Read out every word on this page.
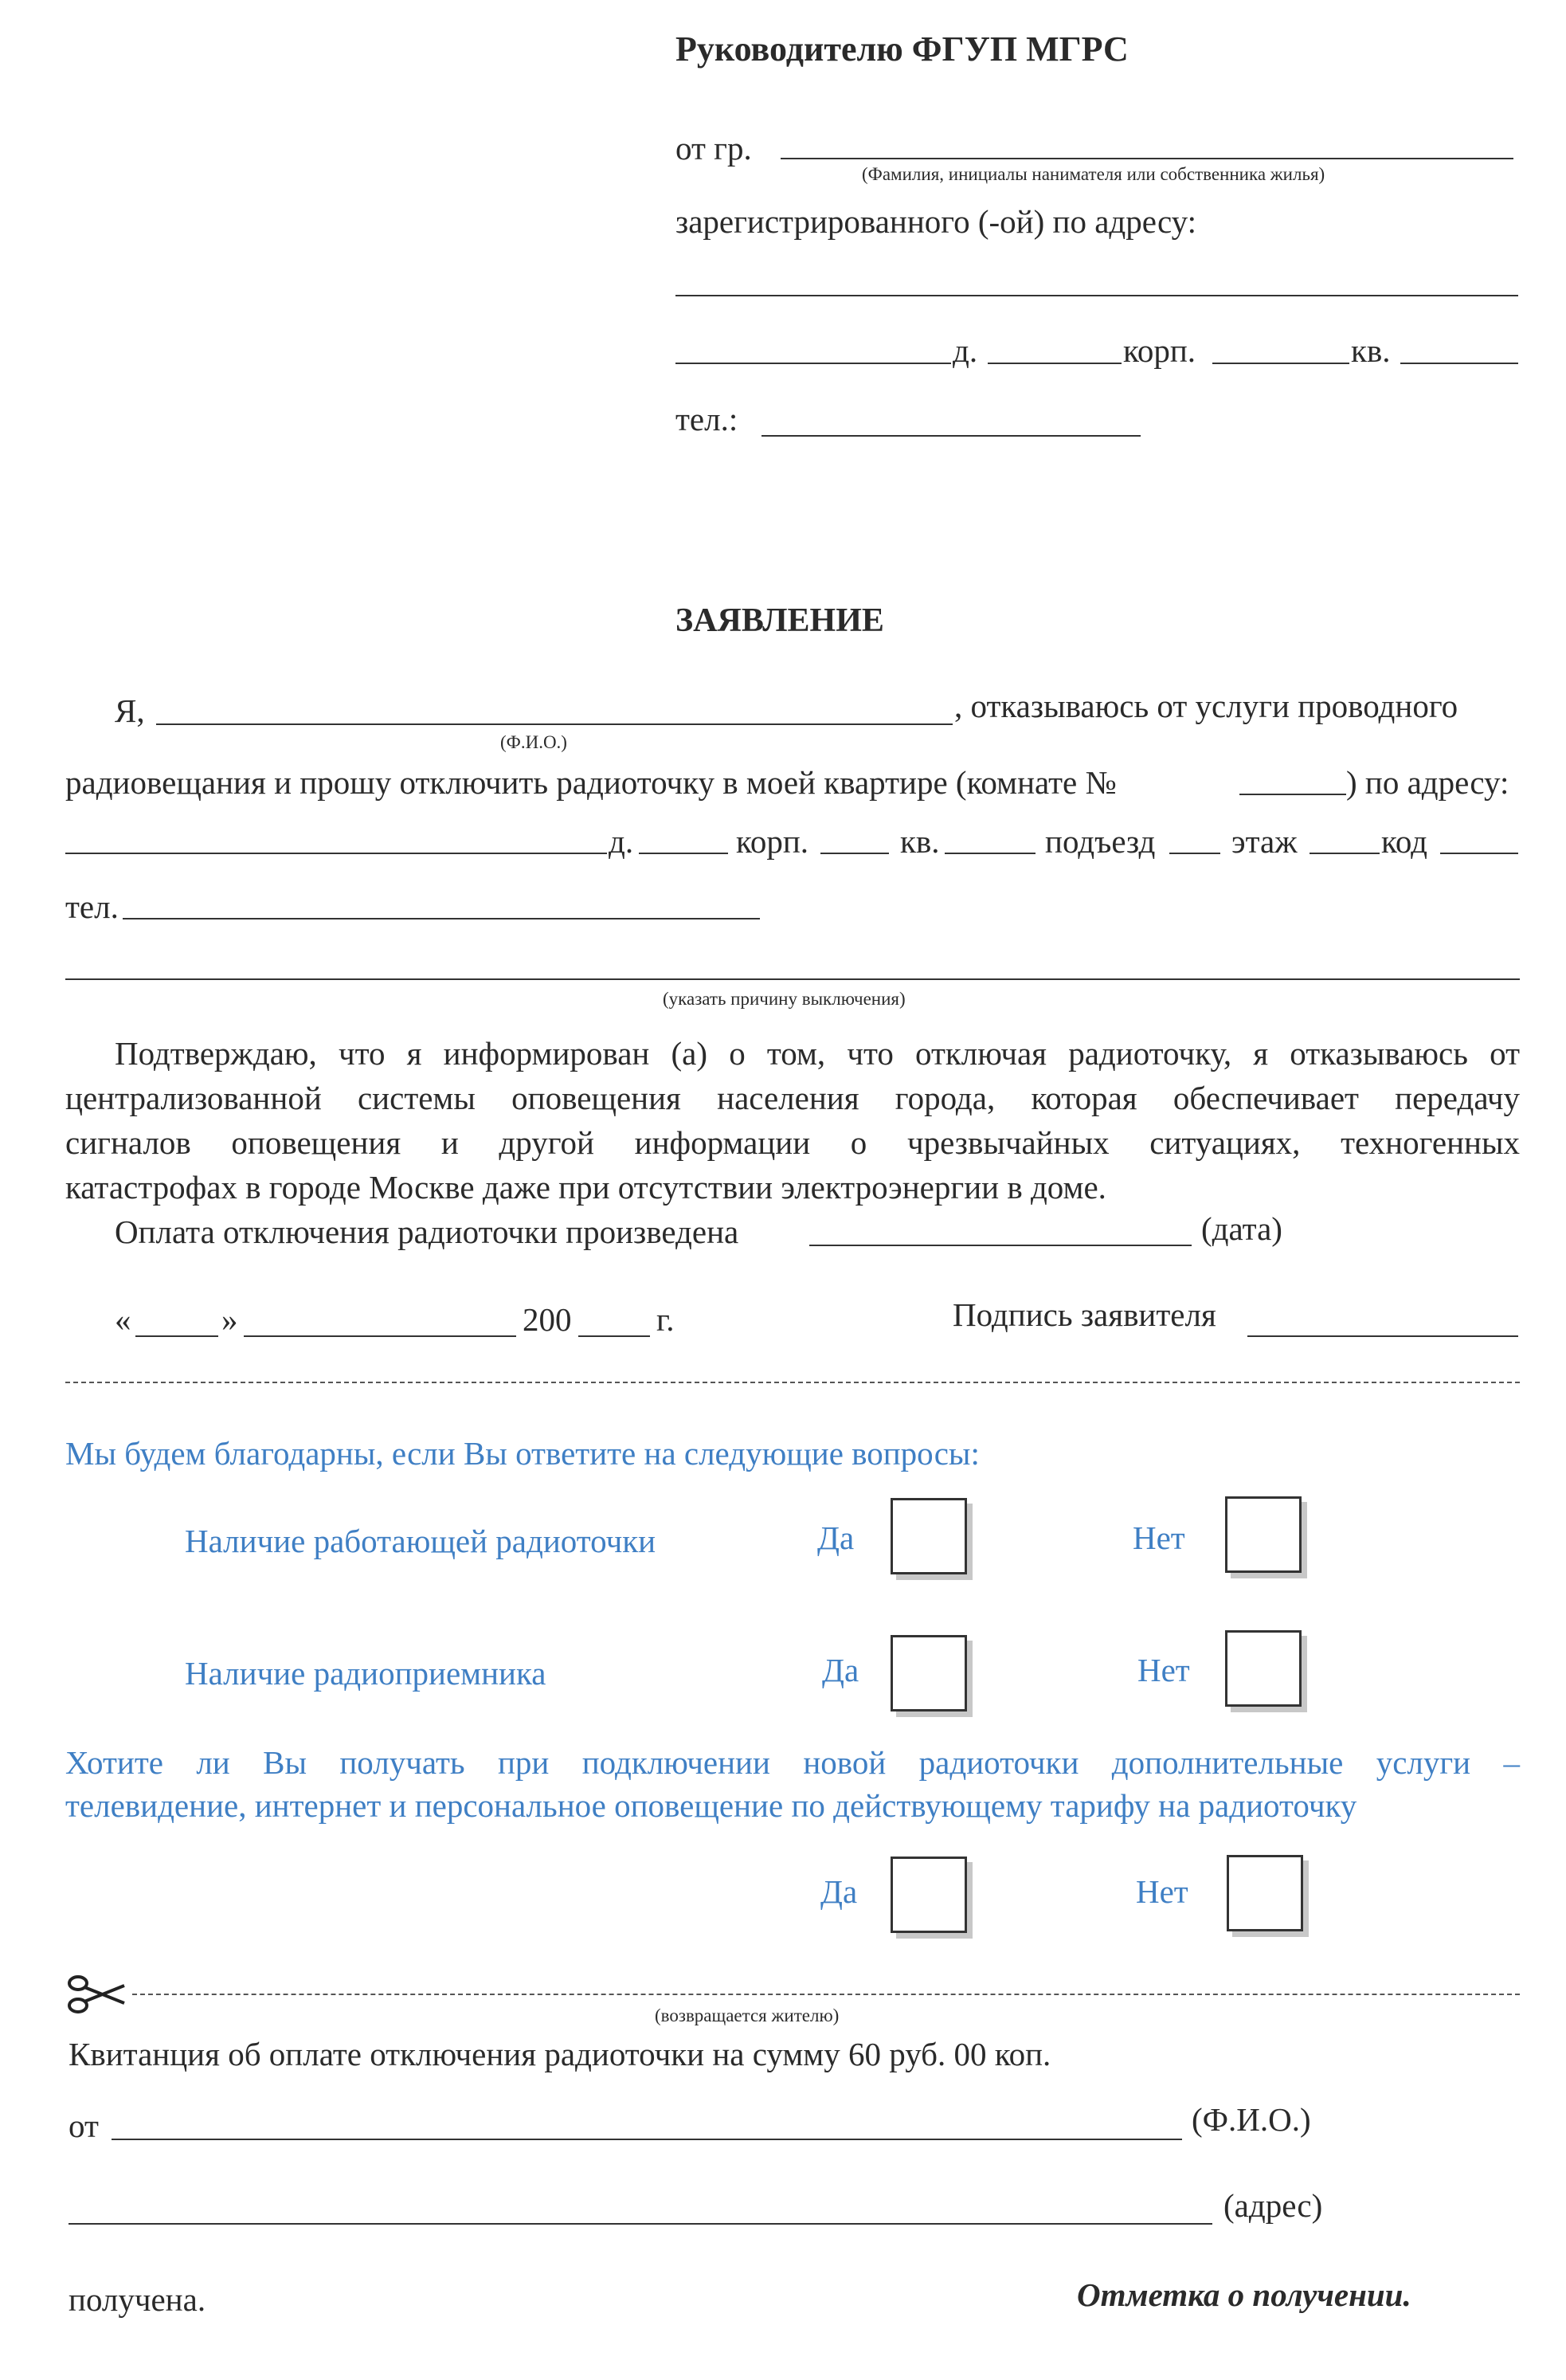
Руководителю ФГУП МГРС
от гр.
(Фамилия, инициалы нанимателя или собственника жилья)
зарегистрированного (-ой) по адресу:
д.	корп.	кв.
тел.:
ЗАЯВЛЕНИЕ
Я,	, отказываюсь от услуги проводного
(Ф.И.О.)
радиовещания и прошу отключить радиоточку в моей квартире (комнате №	) по адресу:
д.	корп.	кв.	подъезд этаж	код
тел.
(указать причину выключения)
Подтверждаю, что я информирован (а) о том, что отключая радиоточку, я отказываюсь от
централизованной системы оповещения населения города, которая обеспечивает передачу
сигналов оповещения и другой информации о чрезвычайных ситуациях, техногенных
катастрофах в городе Москве даже при отсутствии электроэнергии в доме.
Оплата отключения радиоточки произведена	(дата)
«	»	200	г.	Подпись заявителя
Мы будем благодарны, если Вы ответите на следующие вопросы:
Наличие работающей радиоточки	Да	Нет
Наличие радиоприемника	Да	Нет
Хотите ли Вы получать при подключении новой радиоточки дополнительные услуги –
телевидение, интернет и персональное оповещение по действующему тарифу на радиоточку
Да	Нет
(возвращается жителю)
Квитанция об оплате отключения радиоточки на сумму 60 руб. 00 коп.
от	(Ф.И.О.)
(адрес)
получена.	Отметка о получении.
